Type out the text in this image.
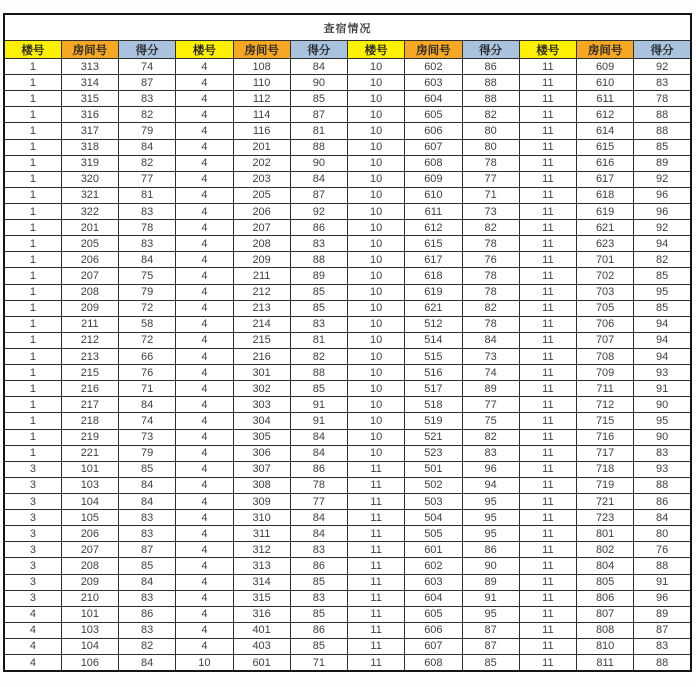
查宿情况											
楼号	房间号	得分	楼号	房间号	得分	楼号	房间号	得分	楼号	房间号	得分
1	313	74	4	108	84	10	602	86	11	609	92
1	314	87	4	110	90	10	603	88	11	610	83
1	315	83	4	112	85	10	604	88	11	611	78
1	316	82	4	114	87	10	605	82	11	612	88
1	317	79	4	116	81	10	606	80	11	614	88
1	318	84	4	201	88	10	607	80	11	615	85
1	319	82	4	202	90	10	608	78	11	616	89
1	320	77	4	203	84	10	609	77	11	617	92
1	321	81	4	205	87	10	610	71	11	618	96
1	322	83	4	206	92	10	611	73	11	619	96
1	201	78	4	207	86	10	612	82	11	621	92
1	205	83	4	208	83	10	615	78	11	623	94
1	206	84	4	209	88	10	617	76	11	701	82
1	207	75	4	211	89	10	618	78	11	702	85
1	208	79	4	212	85	10	619	78	11	703	95
1	209	72	4	213	85	10	621	82	11	705	85
1	211	58	4	214	83	10	512	78	11	706	94
1	212	72	4	215	81	10	514	84	11	707	94
1	213	66	4	216	82	10	515	73	11	708	94
1	215	76	4	301	88	10	516	74	11	709	93
1	216	71	4	302	85	10	517	89	11	711	91
1	217	84	4	303	91	10	518	77	11	712	90
1	218	74	4	304	91	10	519	75	11	715	95
1	219	73	4	305	84	10	521	82	11	716	90
1	221	79	4	306	84	10	523	83	11	717	83
3	101	85	4	307	86	11	501	96	11	718	93
3	103	84	4	308	78	11	502	94	11	719	88
3	104	84	4	309	77	11	503	95	11	721	86
3	105	83	4	310	84	11	504	95	11	723	84
3	206	83	4	311	84	11	505	95	11	801	80
3	207	87	4	312	83	11	601	86	11	802	76
3	208	85	4	313	86	11	602	90	11	804	88
3	209	84	4	314	85	11	603	89	11	805	91
3	210	83	4	315	83	11	604	91	11	806	96
4	101	86	4	316	85	11	605	95	11	807	89
4	103	83	4	401	86	11	606	87	11	808	87
4	104	82	4	403	85	11	607	87	11	810	83
4	106	84	10	601	71	11	608	85	11	811	88
